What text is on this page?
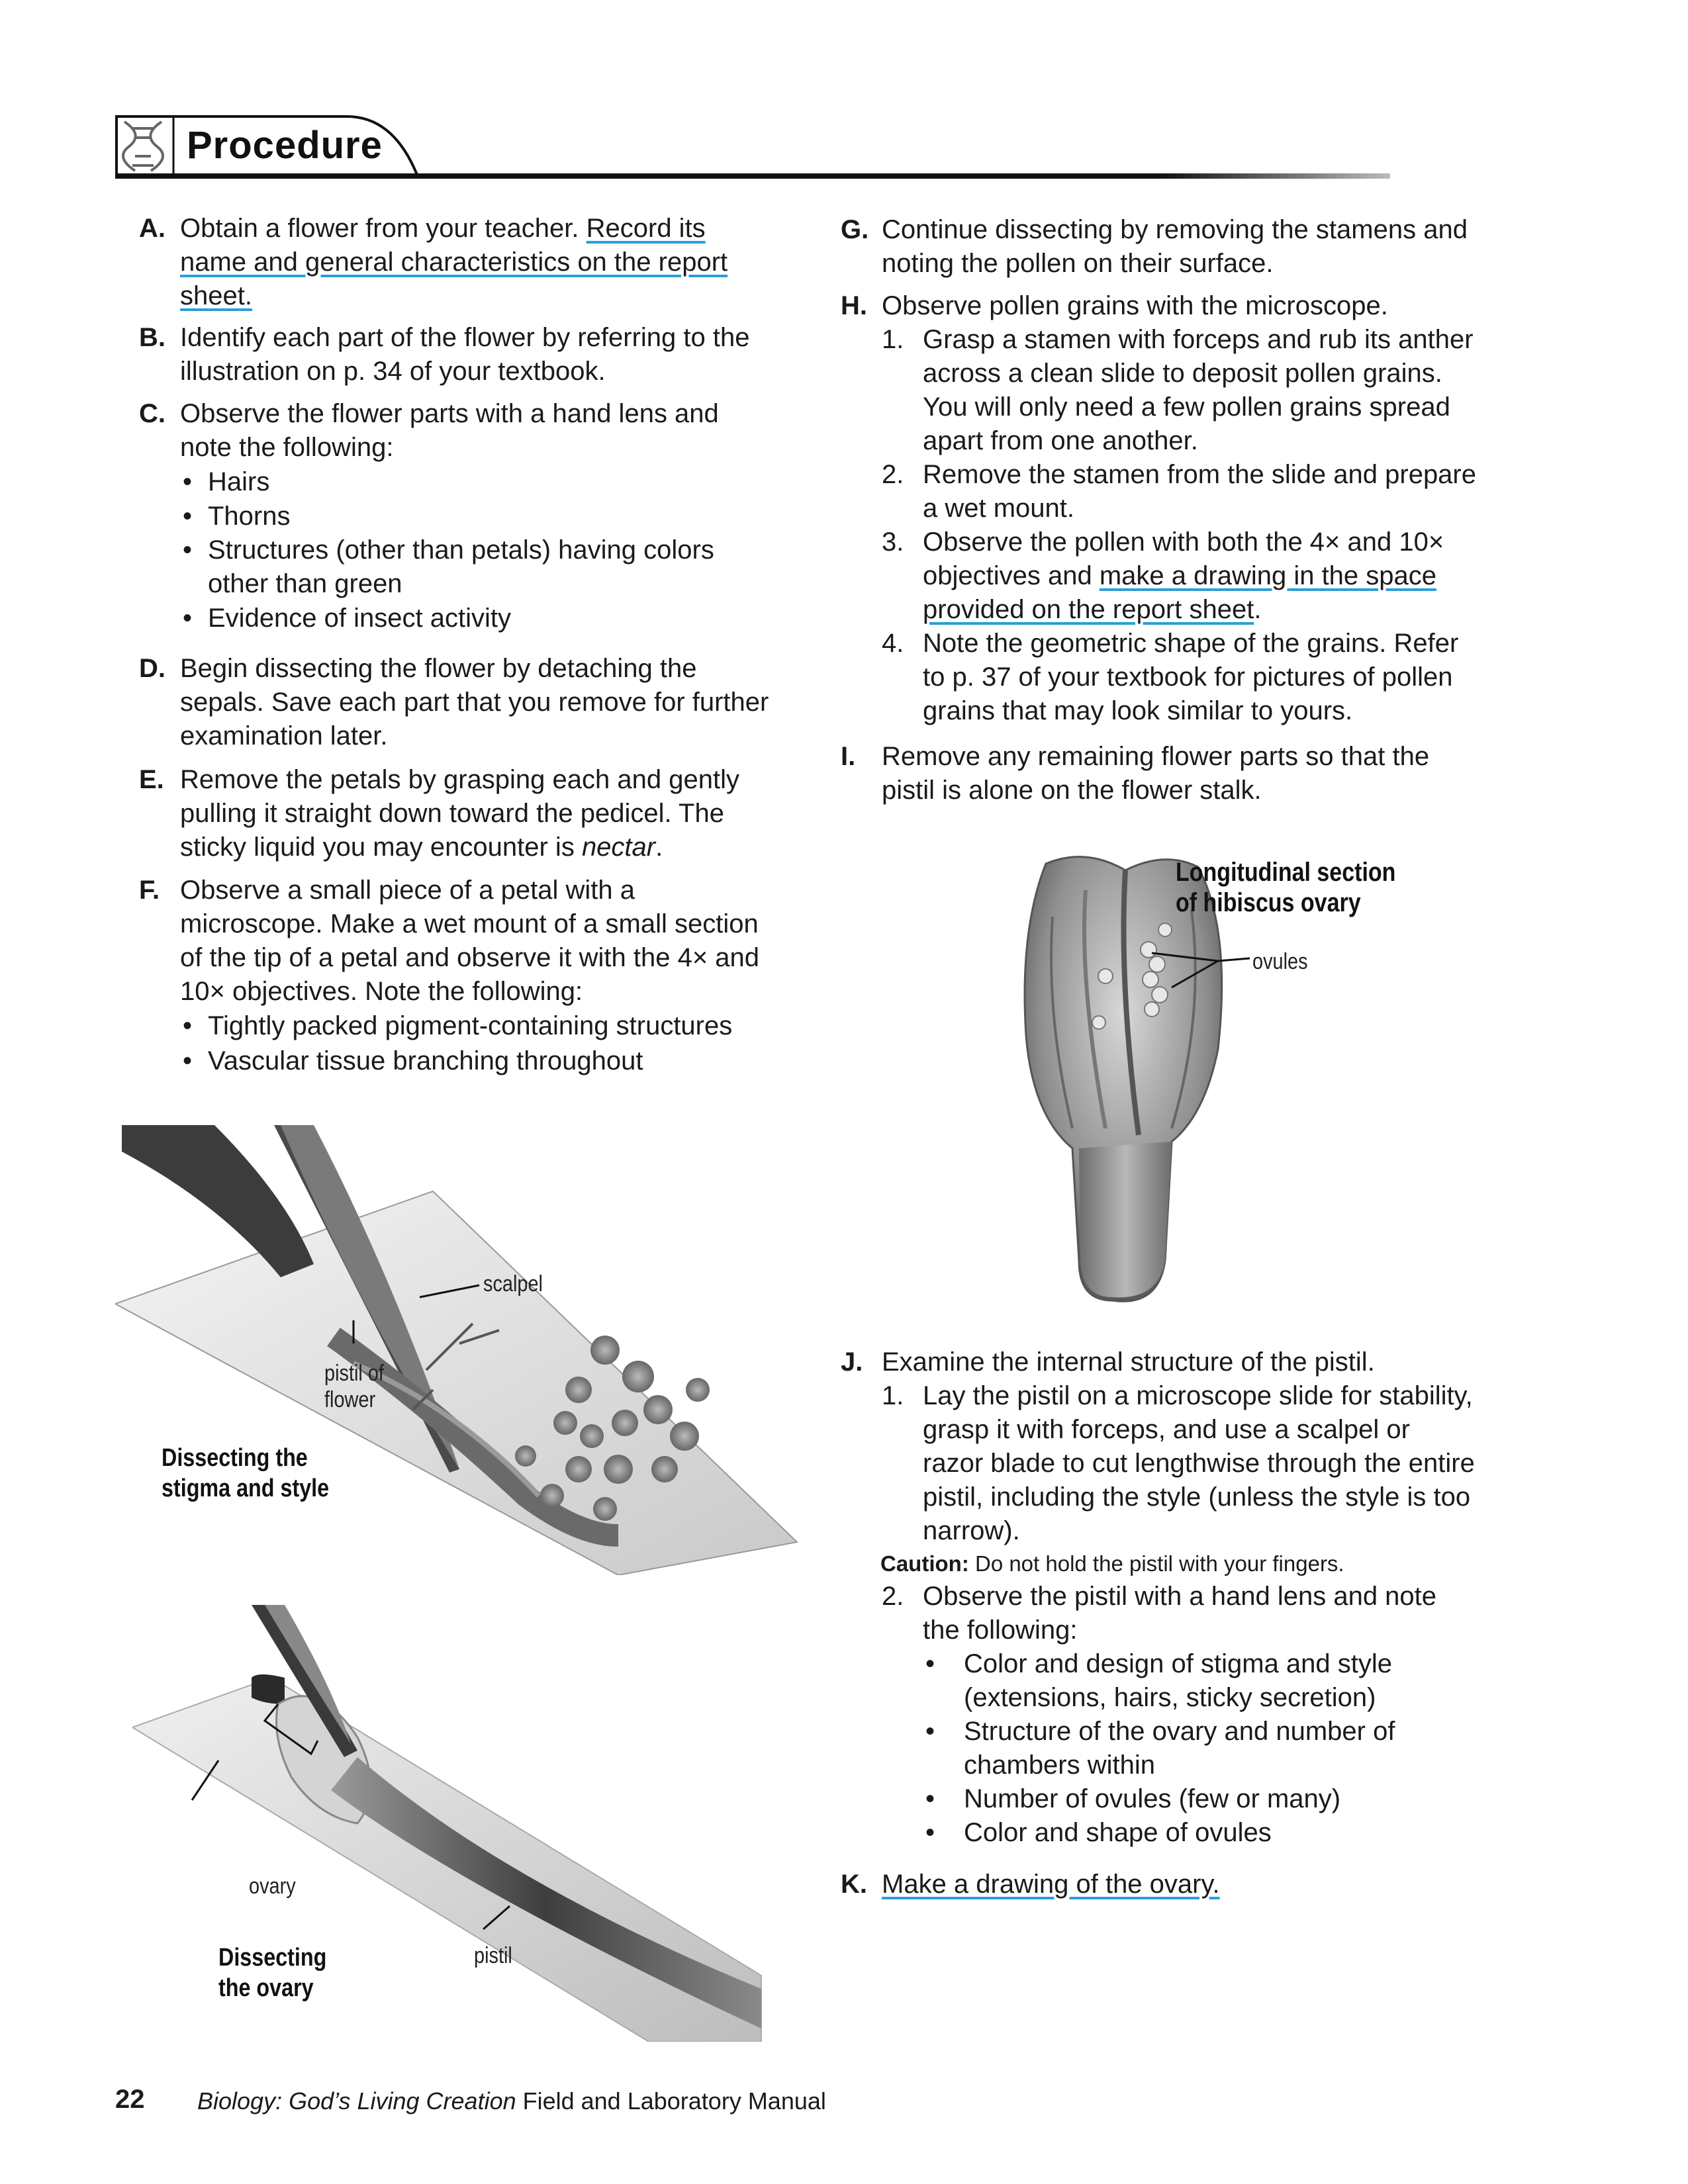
Procedure
A. Obtain a flower from your teacher. Record its name and general characteristics on the report sheet.
B. Identify each part of the flower by referring to the illustration on p. 34 of your textbook.
C. Observe the flower parts with a hand lens and note the following:
• Hairs
• Thorns
• Structures (other than petals) having colors other than green
• Evidence of insect activity
D. Begin dissecting the flower by detaching the sepals. Save each part that you remove for further examination later.
E. Remove the petals by grasping each and gently pulling it straight down toward the pedicel. The sticky liquid you may encounter is nectar.
F. Observe a small piece of a petal with a microscope. Make a wet mount of a small section of the tip of a petal and observe it with the 4× and 10× objectives. Note the following:
• Tightly packed pigment-containing structures
• Vascular tissue branching throughout
scalpel
pistil of flower
Dissecting the stigma and style
ovary
pistil
Dissecting the ovary
G. Continue dissecting by removing the stamens and noting the pollen on their surface.
H. Observe pollen grains with the microscope.
1. Grasp a stamen with forceps and rub its anther across a clean slide to deposit pollen grains. You will only need a few pollen grains spread apart from one another.
2. Remove the stamen from the slide and prepare a wet mount.
3. Observe the pollen with both the 4× and 10× objectives and make a drawing in the space provided on the report sheet.
4. Note the geometric shape of the grains. Refer to p. 37 of your textbook for pictures of pollen grains that may look similar to yours.
I. Remove any remaining flower parts so that the pistil is alone on the flower stalk.
Longitudinal section of hibiscus ovary
ovules
J. Examine the internal structure of the pistil.
1. Lay the pistil on a microscope slide for stability, grasp it with forceps, and use a scalpel or razor blade to cut lengthwise through the entire pistil, including the style (unless the style is too narrow).
Caution: Do not hold the pistil with your fingers.
2. Observe the pistil with a hand lens and note the following:
• Color and design of stigma and style (extensions, hairs, sticky secretion)
• Structure of the ovary and number of chambers within
• Number of ovules (few or many)
• Color and shape of ovules
K. Make a drawing of the ovary.
22 Biology: God’s Living Creation Field and Laboratory Manual
